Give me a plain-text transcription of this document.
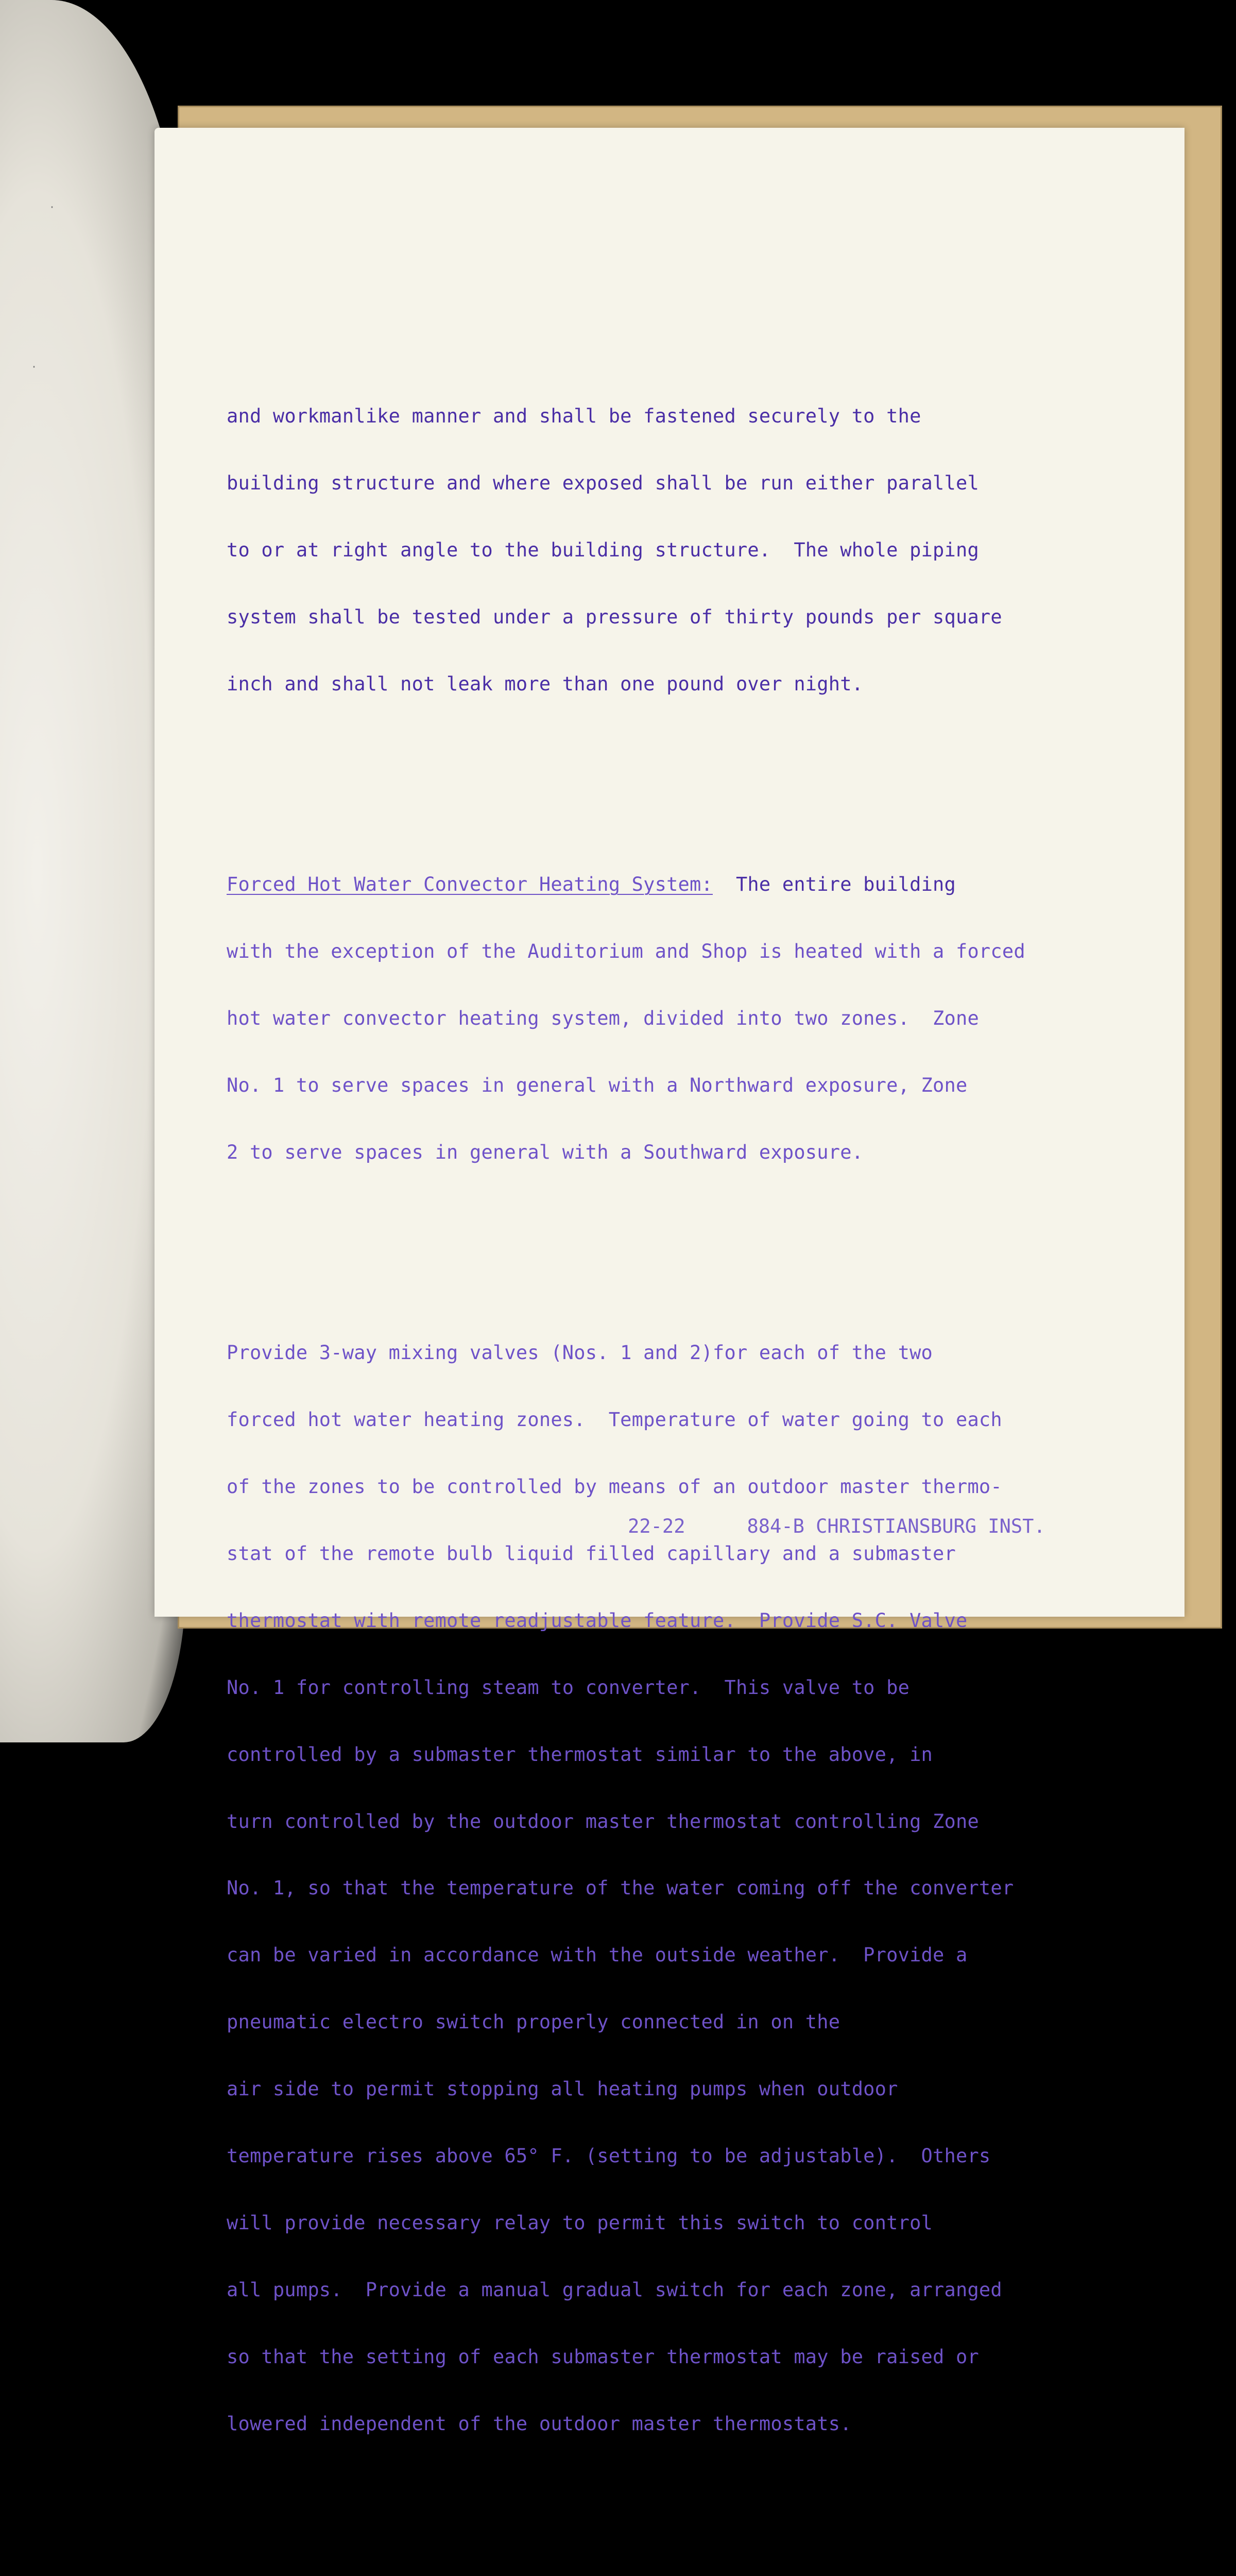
·
·

and workmanlike manner and shall be fastened securely to the

building structure and where exposed shall be run either parallel

to or at right angle to the building structure.  The whole piping

system shall be tested under a pressure of thirty pounds per square

inch and shall not leak more than one pound over night.

Forced Hot Water Convector Heating System:  The entire building

with the exception of the Auditorium and Shop is heated with a forced

hot water convector heating system, divided into two zones.  Zone

No. 1 to serve spaces in general with a Northward exposure, Zone

2 to serve spaces in general with a Southward exposure.

Provide 3-way mixing valves (Nos. 1 and 2)for each of the two

forced hot water heating zones.  Temperature of water going to each

of the zones to be controlled by means of an outdoor master thermo-

stat of the remote bulb liquid filled capillary and a submaster

thermostat with remote readjustable feature.  Provide S.C. Valve

No. 1 for controlling steam to converter.  This valve to be

controlled by a submaster thermostat similar to the above, in

turn controlled by the outdoor master thermostat controlling Zone

No. 1, so that the temperature of the water coming off the converter

can be varied in accordance with the outside weather.  Provide a

pneumatic electro switch properly connected in on the

air side to permit stopping all heating pumps when outdoor

temperature rises above 65° F. (setting to be adjustable).  Others

will provide necessary relay to permit this switch to control

all pumps.  Provide a manual gradual switch for each zone, arranged

so that the setting of each submaster thermostat may be raised or

lowered independent of the outdoor master thermostats.

22-22	884-B CHRISTIANSBURG INST.
